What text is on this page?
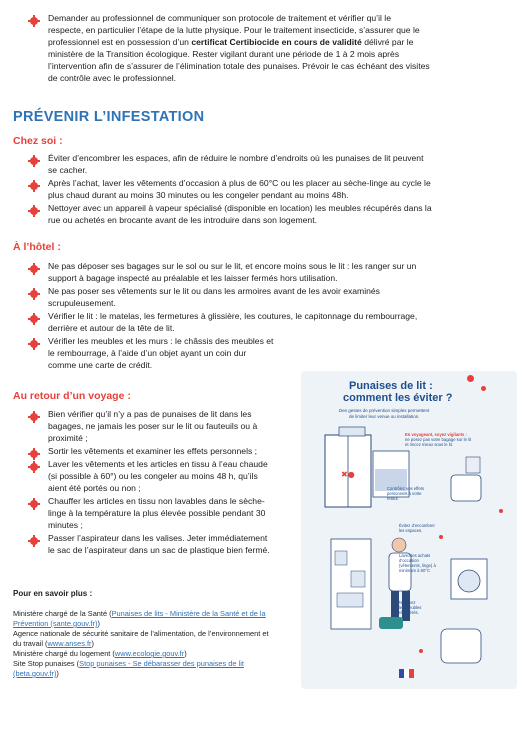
Demander au professionnel de communiquer son protocole de traitement et vérifier qu’il le
respecte, en particulier l’étape de la lutte physique. Pour le traitement insecticide, s’assurer que le
professionnel est en possession d’un certificat Certibiocide en cours de validité délivré par le
ministère de la Transition écologique. Rester vigilant durant une période de 1 à 2 mois après
l’intervention afin de s’assurer de l’élimination totale des punaises. Prévoir le cas échéant des visites
de contrôle avec le professionnel.
PRÉVENIR L’INFESTATION
Chez soi :
Éviter d’encombrer les espaces, afin de réduire le nombre d’endroits où les punaises de lit peuvent
se cacher.
Après l’achat, laver les vêtements d’occasion à plus de 60°C ou les placer au sèche-linge au cycle le
plus chaud durant au moins 30 minutes ou les congeler pendant au moins 48h.
Nettoyer avec un appareil à vapeur spécialisé (disponible en location) les meubles récupérés dans la
rue ou achetés en brocante avant de les introduire dans son logement.
À l’hôtel :
Ne pas déposer ses bagages sur le sol ou sur le lit, et encore moins sous le lit : les ranger sur un
support à bagage inspecté au préalable et les laisser fermés hors utilisation.
Ne pas poser ses vêtements sur le lit ou dans les armoires avant de les avoir examinés
scrupuleusement.
Vérifier le lit : le matelas, les fermetures à glissière, les coutures, le capitonnage du rembourrage,
derrière et autour de la tête de lit.
Vérifier les meubles et les murs : le châssis des meubles et
le rembourrage, à l’aide d’un objet ayant un coin dur
comme une carte de crédit.
Au retour d’un voyage :
Bien vérifier qu’il n’y a pas de punaises de lit dans les
bagages, ne jamais les poser sur le lit ou fauteuils ou à
proximité ;
Sortir les vêtements et examiner les effets personnels ;
Laver les vêtements et les articles en tissu à l’eau chaude
(si possible à 60°) ou les congeler au moins 48 h, qu’ils
aient été portés ou non ;
Chauffer les articles en tissu non lavables dans le sèche-
linge à la température la plus élevée possible pendant 30
minutes ;
Passer l’aspirateur dans les valises. Jeter immédiatement
le sac de l’aspirateur dans un sac de plastique bien fermé.
Pour en savoir plus :
Ministère chargé de la Santé (Punaises de lits - Ministère de la Santé et de la
Prévention (sante.gouv.fr))
Agence nationale de sécurité sanitaire de l’alimentation, de l’environnement et
du travail (www.anses.fr)
Ministère chargé du logement (www.ecologie.gouv.fr)
Site Stop punaises (Stop punaises - Se débarasser des punaises de lit
(beta.gouv.fr))
Punaises de lit :
comment les éviter ?
Des gestes de prévention simples permettent
de limiter leur venue ou installation.
✖●
En voyageant, soyez vigilants :
ne posez pas votre bagage sur le lit
et rincez mieux sous le lit.
Contrôlez vos effets
personnels à votre
retour.
Évitez d’encombrer
les espaces.
Lavez les achats
d’occasion
(vêtements, linge) à
minimum à 60°C
Nettoyez
les meubles
récupérés.
